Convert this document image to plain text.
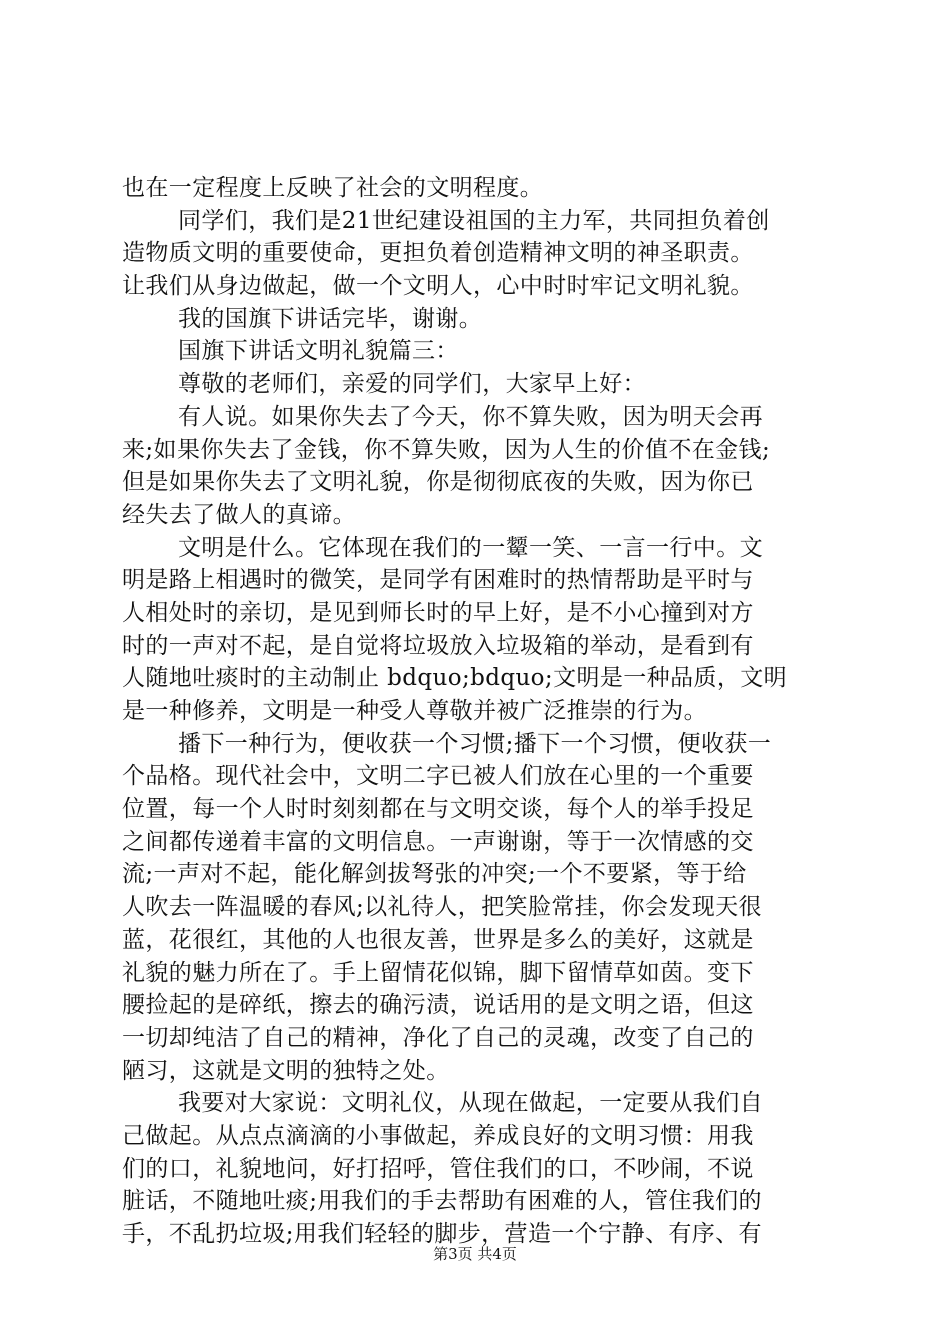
也在一定程度上反映了社会的文明程度。
同学们，我们是21世纪建设祖国的主力军，共同担负着创
造物质文明的重要使命，更担负着创造精神文明的神圣职责。
让我们从身边做起，做一个文明人，心中时时牢记文明礼貌。
我的国旗下讲话完毕，谢谢。
国旗下讲话文明礼貌篇三：
尊敬的老师们，亲爱的同学们，大家早上好：
有人说。如果你失去了今天，你不算失败，因为明天会再
来;如果你失去了金钱，你不算失败，因为人生的价值不在金钱;
但是如果你失去了文明礼貌，你是彻彻底夜的失败，因为你已
经失去了做人的真谛。
文明是什么。它体现在我们的一颦一笑、一言一行中。文
明是路上相遇时的微笑，是同学有困难时的热情帮助是平时与
人相处时的亲切，是见到师长时的早上好，是不小心撞到对方
时的一声对不起，是自觉将垃圾放入垃圾箱的举动，是看到有
人随地吐痰时的主动制止 bdquo;bdquo;文明是一种品质，文明
是一种修养，文明是一种受人尊敬并被广泛推崇的行为。
播下一种行为，便收获一个习惯;播下一个习惯，便收获一
个品格。现代社会中，文明二字已被人们放在心里的一个重要
位置，每一个人时时刻刻都在与文明交谈，每个人的举手投足
之间都传递着丰富的文明信息。一声谢谢，等于一次情感的交
流;一声对不起，能化解剑拔弩张的冲突;一个不要紧，等于给
人吹去一阵温暖的春风;以礼待人，把笑脸常挂，你会发现天很
蓝，花很红，其他的人也很友善，世界是多么的美好，这就是
礼貌的魅力所在了。手上留情花似锦，脚下留情草如茵。变下
腰捡起的是碎纸，擦去的确污渍，说话用的是文明之语，但这
一切却纯洁了自己的精神，净化了自己的灵魂，改变了自己的
陋习，这就是文明的独特之处。
我要对大家说：文明礼仪，从现在做起，一定要从我们自
己做起。从点点滴滴的小事做起，养成良好的文明习惯：用我
们的口，礼貌地问，好打招呼，管住我们的口，不吵闹，不说
脏话，不随地吐痰;用我们的手去帮助有困难的人，管住我们的
手，不乱扔垃圾;用我们轻轻的脚步，营造一个宁静、有序、有
第3页 共4页
